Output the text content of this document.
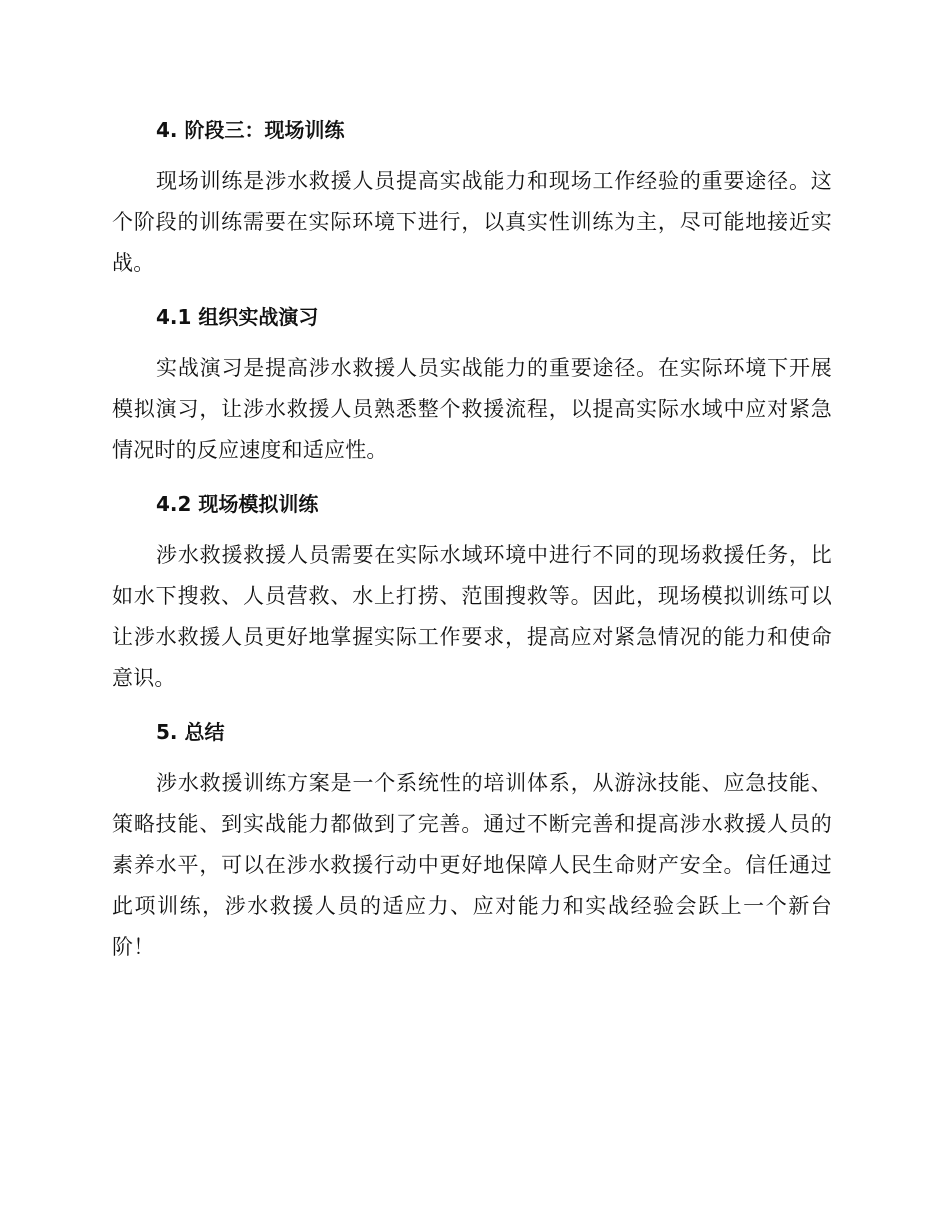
4. 阶段三：现场训练

现场训练是涉水救援人员提高实战能力和现场工作经验的重要途径。这个阶段的训练需要在实际环境下进行，以真实性训练为主，尽可能地接近实战。

4.1 组织实战演习

实战演习是提高涉水救援人员实战能力的重要途径。在实际环境下开展模拟演习，让涉水救援人员熟悉整个救援流程，以提高实际水域中应对紧急情况时的反应速度和适应性。

4.2 现场模拟训练

涉水救援救援人员需要在实际水域环境中进行不同的现场救援任务，比如水下搜救、人员营救、水上打捞、范围搜救等。因此，现场模拟训练可以让涉水救援人员更好地掌握实际工作要求，提高应对紧急情况的能力和使命意识。

5. 总结

涉水救援训练方案是一个系统性的培训体系，从游泳技能、应急技能、策略技能、到实战能力都做到了完善。通过不断完善和提高涉水救援人员的素养水平，可以在涉水救援行动中更好地保障人民生命财产安全。信任通过此项训练，涉水救援人员的适应力、应对能力和实战经验会跃上一个新台阶！
